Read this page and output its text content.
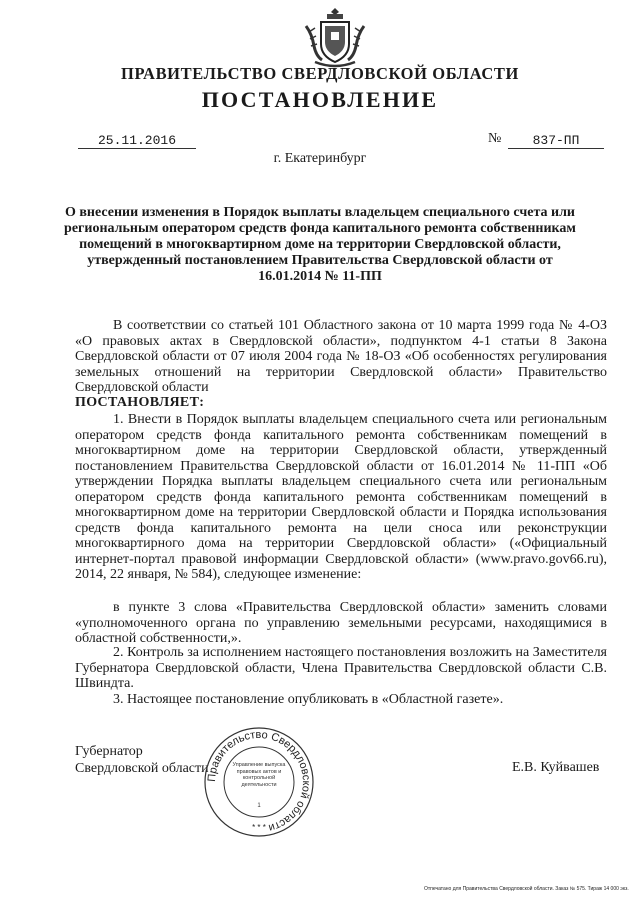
ПРАВИТЕЛЬСТВО СВЕРДЛОВСКОЙ ОБЛАСТИ
ПОСТАНОВЛЕНИЕ
25.11.2016	№	837-ПП
г. Екатеринбург
О внесении изменения в Порядок выплаты владельцем специального счета или региональным оператором средств фонда капитального ремонта собственникам помещений в многоквартирном доме на территории Свердловской области, утвержденный постановлением Правительства Свердловской области от 16.01.2014 № 11-ПП
В соответствии со статьей 101 Областного закона от 10 марта 1999 года № 4-ОЗ «О правовых актах в Свердловской области», подпунктом 4-1 статьи 8 Закона Свердловской области от 07 июля 2004 года № 18-ОЗ «Об особенностях регулирования земельных отношений на территории Свердловской области» Правительство Свердловской области
ПОСТАНОВЛЯЕТ:
1. Внести в Порядок выплаты владельцем специального счета или региональным оператором средств фонда капитального ремонта собственникам помещений в многоквартирном доме на территории Свердловской области, утвержденный постановлением Правительства Свердловской области от 16.01.2014 № 11-ПП «Об утверждении Порядка выплаты владельцем специального счета или региональным оператором средств фонда капитального ремонта собственникам помещений в многоквартирном доме на территории Свердловской области и Порядка использования средств фонда капитального ремонта на цели сноса или реконструкции многоквартирного дома на территории Свердловской области» («Официальный интернет-портал правовой информации Свердловской области» (www.pravo.gov66.ru), 2014, 22 января, № 584), следующее изменение:
в пункте 3 слова «Правительства Свердловской области» заменить словами «уполномоченного органа по управлению земельными ресурсами, находящимися в областной собственности,».
2. Контроль за исполнением настоящего постановления возложить на Заместителя Губернатора Свердловской области, Члена Правительства Свердловской области С.В. Швиндта.
3. Настоящее постановление опубликовать в «Областной газете».
Губернатор
Свердловской области	Е.В. Куйвашев
Правительство Свердловской области
* * *
Управление выпуска правовых актов и контрольной деятельности
1
Отпечатано для Правительства Свердловской области. Заказ № 575. Тираж 14 000 экз.
